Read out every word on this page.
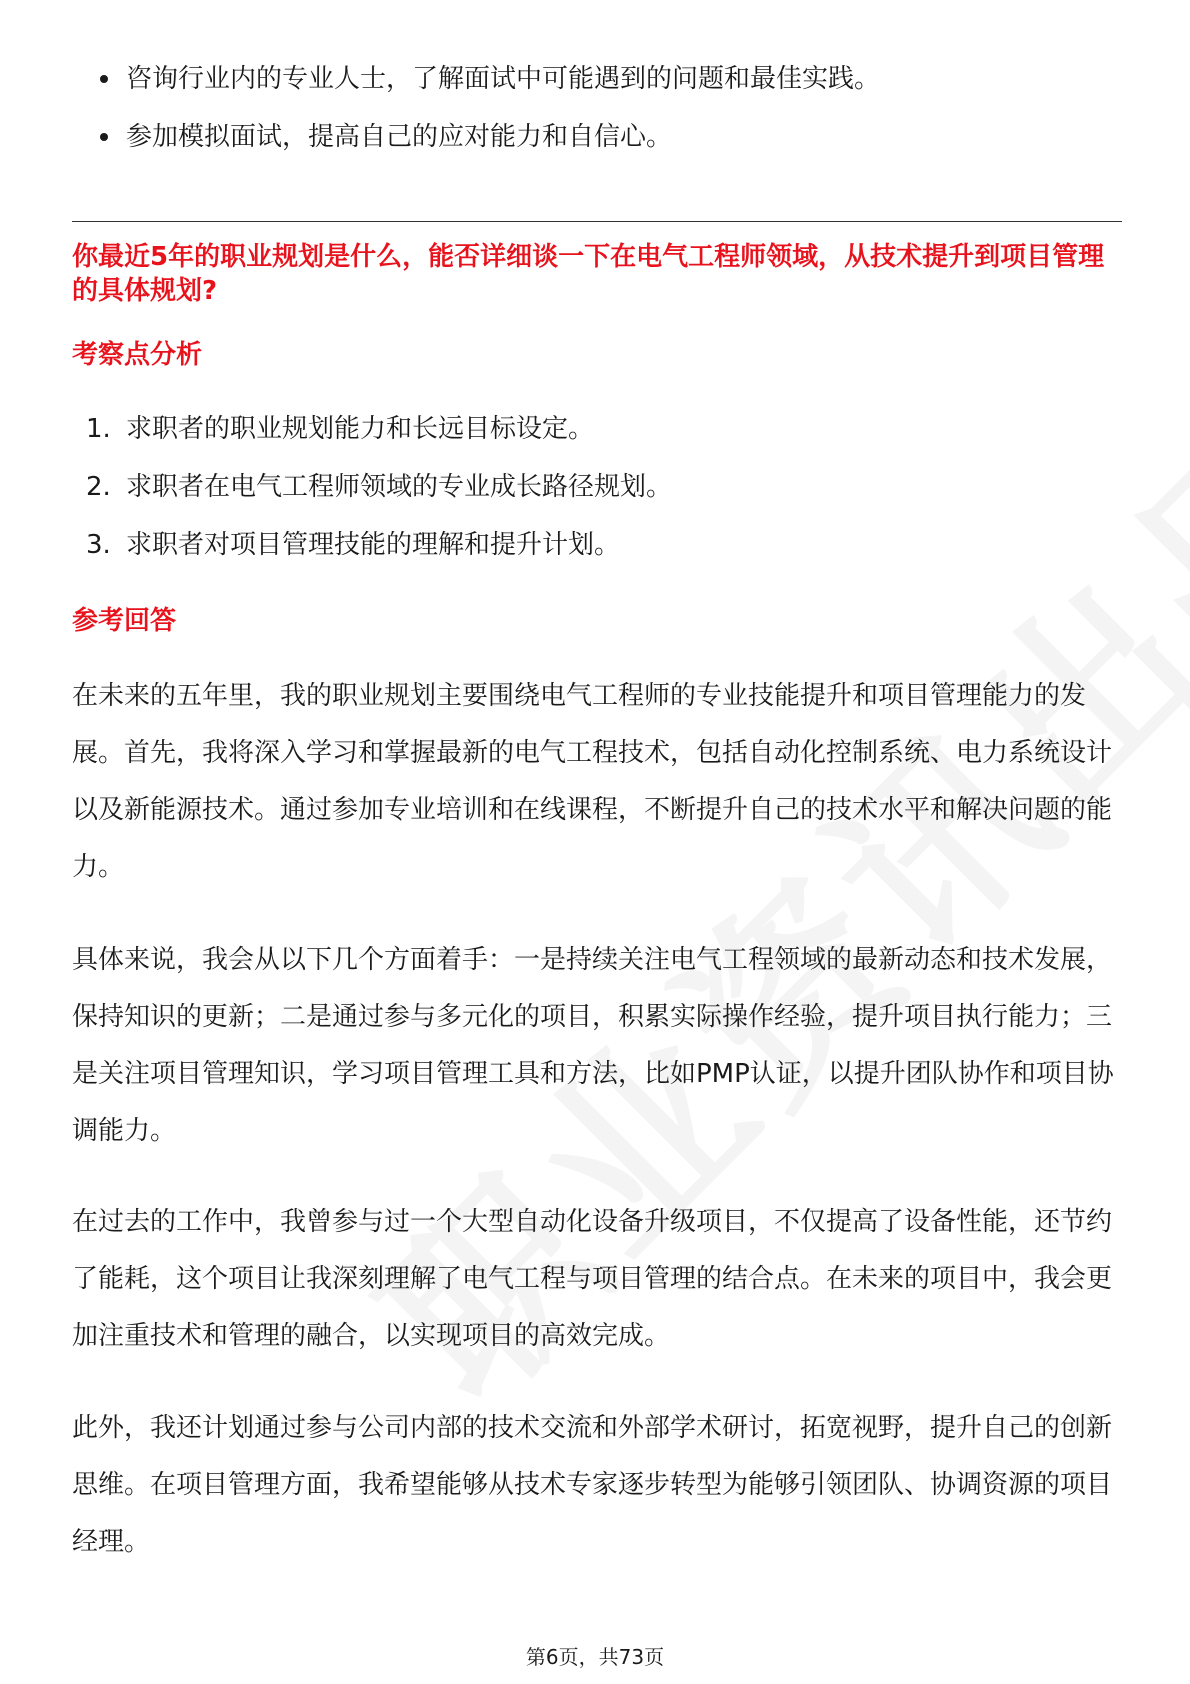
咨询行业内的专业人士，了解面试中可能遇到的问题和最佳实践。
参加模拟面试，提高自己的应对能力和自信心。
你最近5年的职业规划是什么，能否详细谈一下在电气工程师领域，从技术提升到项目管理的具体规划?
考察点分析
1. 求职者的职业规划能力和长远目标设定。
2. 求职者在电气工程师领域的专业成长路径规划。
3. 求职者对项目管理技能的理解和提升计划。
参考回答

在未来的五年里，我的职业规划主要围绕电气工程师的专业技能提升和项目管理能力的发展。首先，我将深入学习和掌握最新的电气工程技术，包括自动化控制系统、电力系统设计以及新能源技术。通过参加专业培训和在线课程，不断提升自己的技术水平和解决问题的能力。

具体来说，我会从以下几个方面着手：一是持续关注电气工程领域的最新动态和技术发展，保持知识的更新；二是通过参与多元化的项目，积累实际操作经验，提升项目执行能力；三是关注项目管理知识，学习项目管理工具和方法，比如PMP认证，以提升团队协作和项目协调能力。

在过去的工作中，我曾参与过一个大型自动化设备升级项目，不仅提高了设备性能，还节约了能耗，这个项目让我深刻理解了电气工程与项目管理的结合点。在未来的项目中，我会更加注重技术和管理的融合，以实现项目的高效完成。

此外，我还计划通过参与公司内部的技术交流和外部学术研讨，拓宽视野，提升自己的创新思维。在项目管理方面，我希望能够从技术专家逐步转型为能够引领团队、协调资源的项目经理。

第6页，共73页
